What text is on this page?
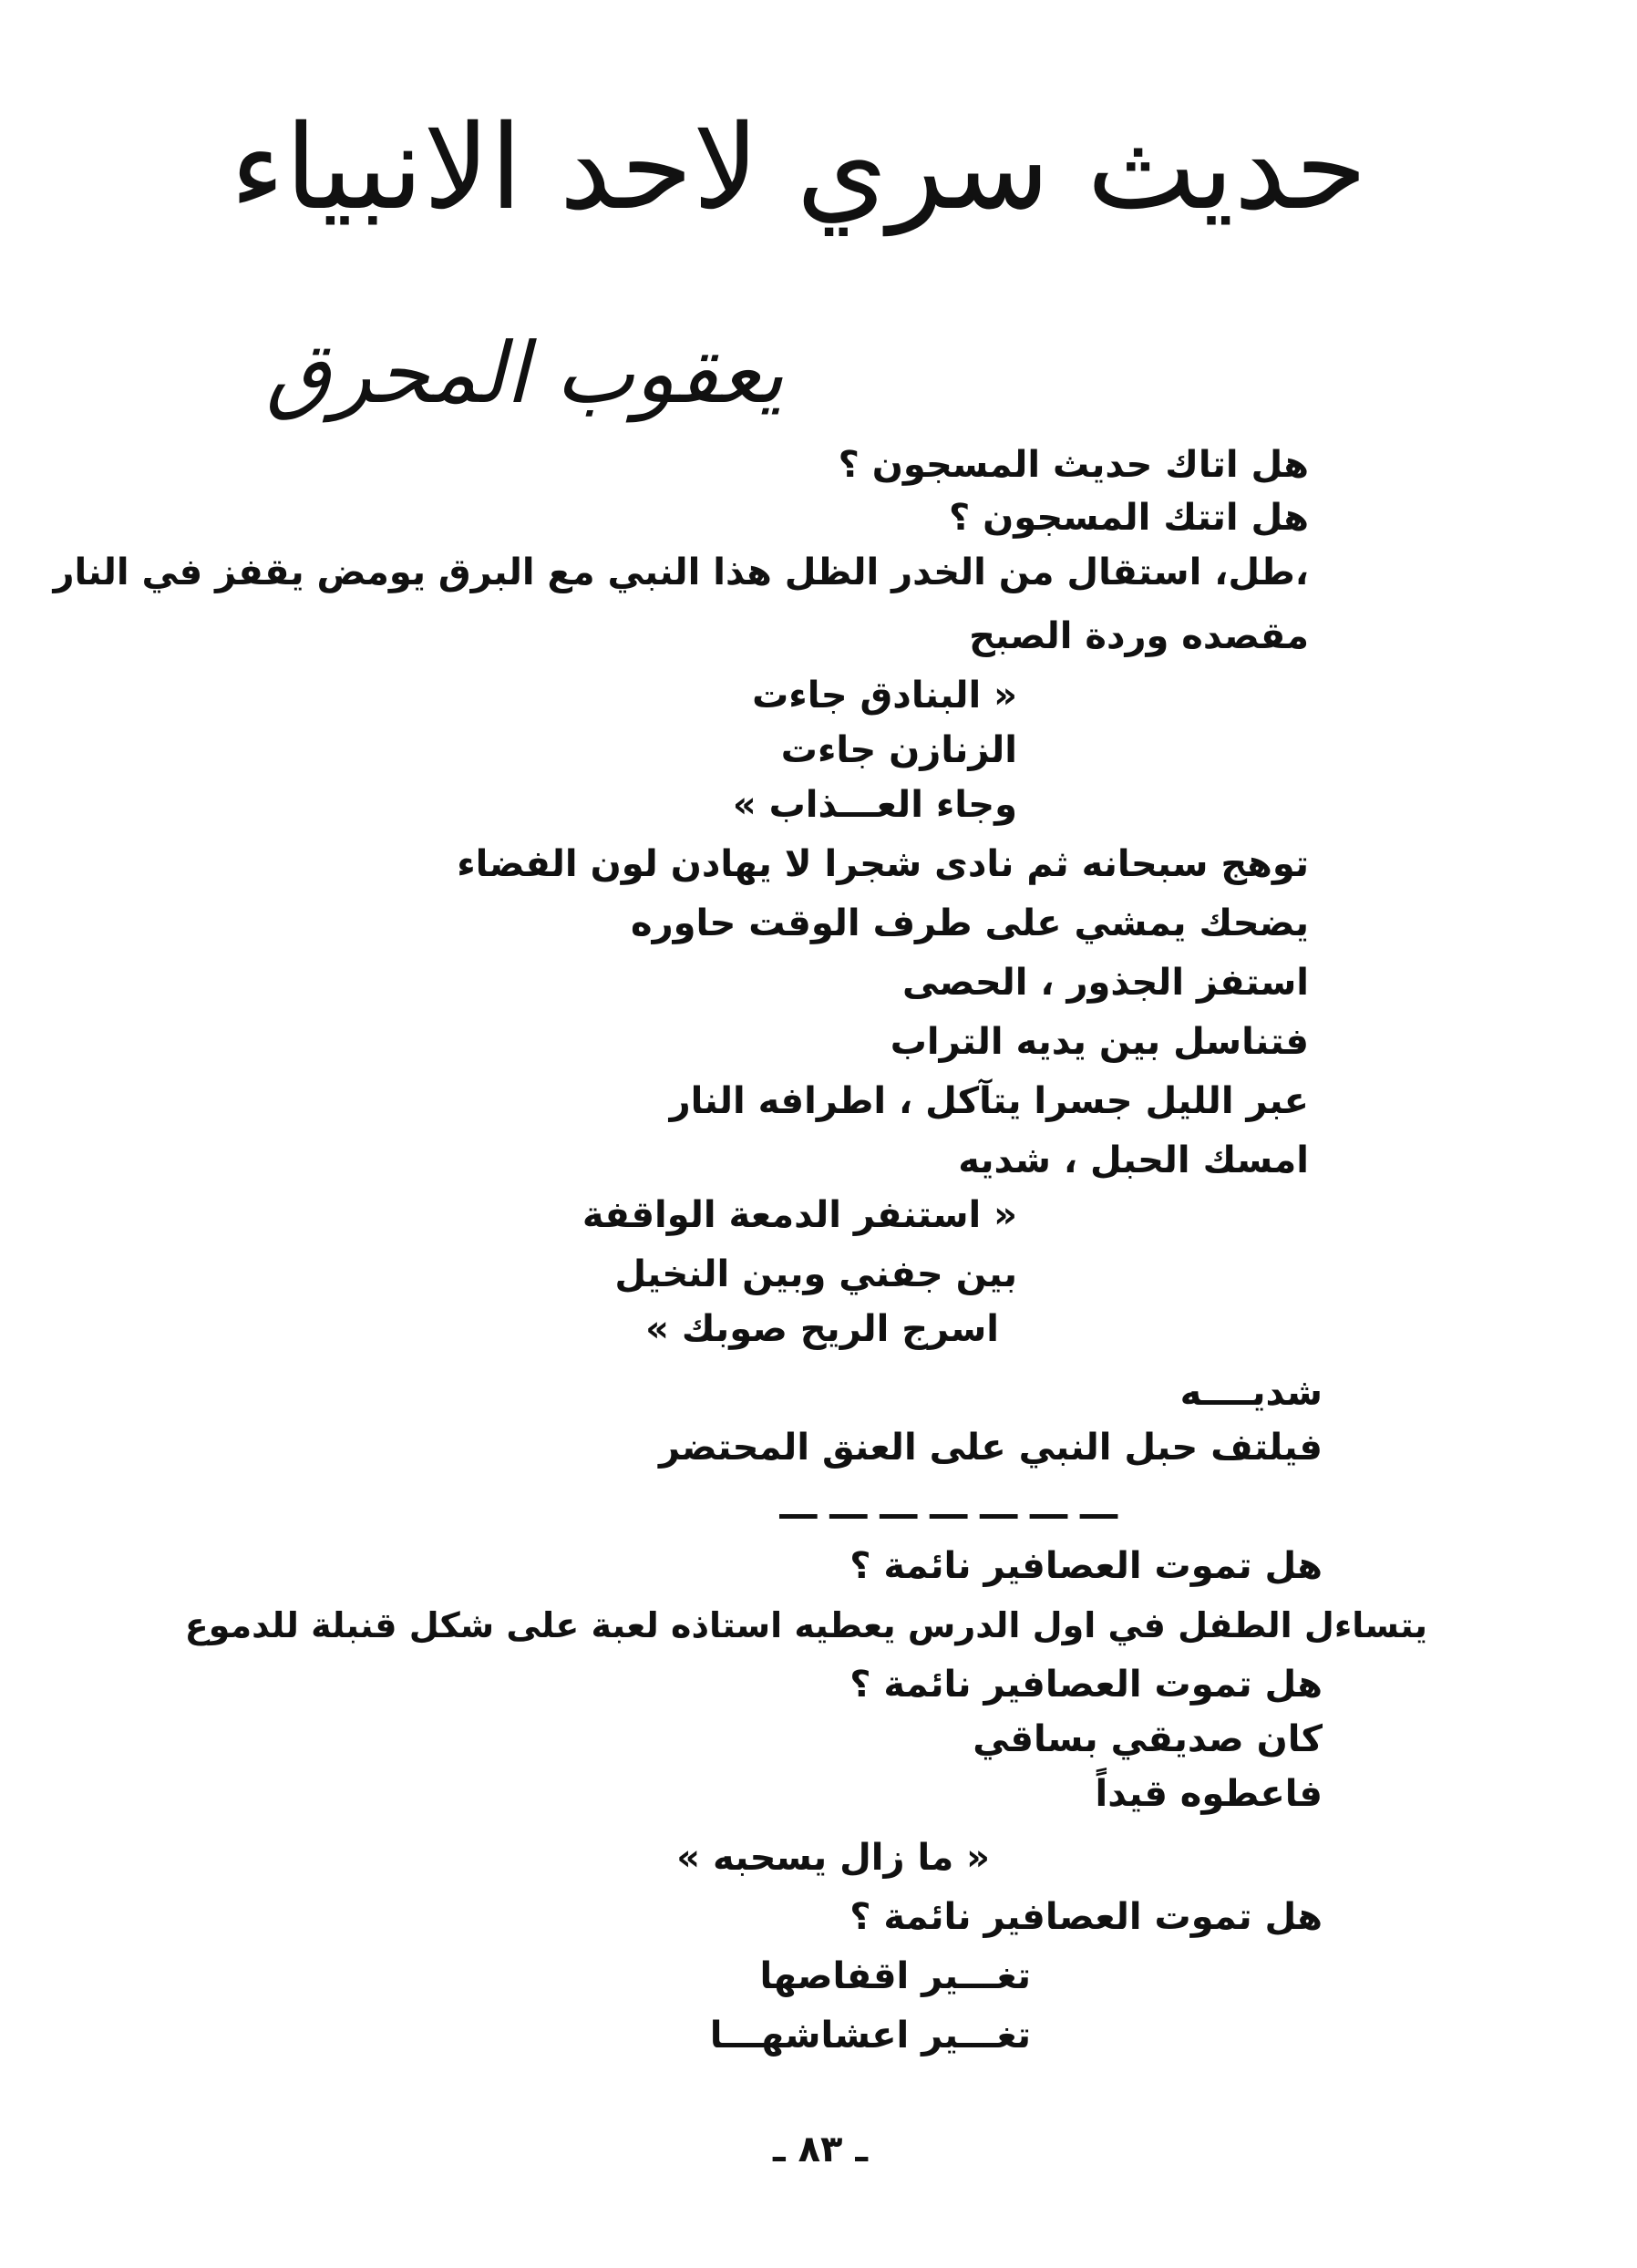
حديث سري لاحد الانبياء
يعقوب المحرق
هل اتاك حديث المسجون ؟
هل اتتك المسجون ؟
،طل، استقال من الخدر الظل هذا النبي مع البرق يومض يقفز في النار
مقصده وردة الصبح
« البنادق جاءت
الزنازن جاءت
وجاء العـــذاب »
توهج سبحانه ثم نادى شجرا لا يهادن لون الفضاء
يضحك يمشي على طرف الوقت حاوره
استفز الجذور ، الحصى
فتناسل بين يديه التراب
عبر الليل جسرا يتآكل ، اطرافه النار
امسك الحبل ، شديه
« استنفر الدمعة الواقفة
بين جفني وبين النخيل
اسرج الريح صوبك »
شديــــه
فيلتف حبل النبي على العنق المحتضر
ـــ ـــ ـــ ـــ ـــ ـــ ـــ
هل تموت العصافير نائمة ؟
يتساءل الطفل في اول الدرس يعطيه استاذه لعبة على شكل قنبلة للدموع
هل تموت العصافير نائمة ؟
كان صديقي بساقي
فاعطوه قيداً
« ما زال يسحبه »
هل تموت العصافير نائمة ؟
تغـــير اقفاصها
تغـــير اعشاشهـــا
ـ ٨٣ ـ
